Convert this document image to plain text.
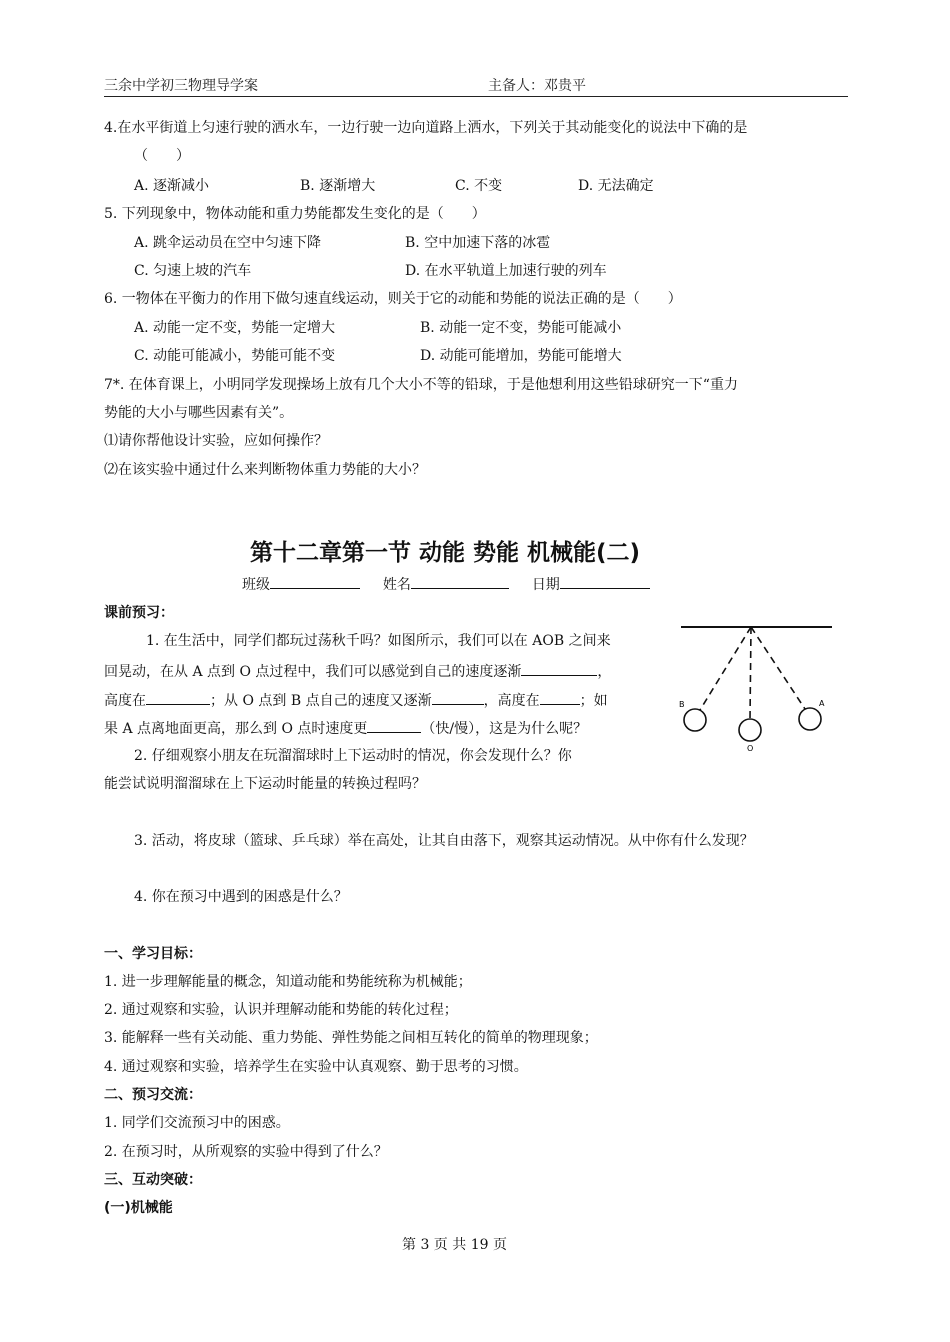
三余中学初三物理导学案	主备人：邓贵平
4.在水平街道上匀速行驶的洒水车，一边行驶一边向道路上洒水，下列关于其动能变化的说法中下确的是
（　　）
A. 逐渐减小	B. 逐渐增大	C. 不变	D. 无法确定
5. 下列现象中，物体动能和重力势能都发生变化的是（　　）
A. 跳伞运动员在空中匀速下降	B. 空中加速下落的冰雹
C. 匀速上坡的汽车	D. 在水平轨道上加速行驶的列车
6. 一物体在平衡力的作用下做匀速直线运动，则关于它的动能和势能的说法正确的是（　　）
A. 动能一定不变，势能一定增大	B. 动能一定不变，势能可能减小
C. 动能可能减小，势能可能不变	D. 动能可能增加，势能可能增大
7*. 在体育课上，小明同学发现操场上放有几个大小不等的铅球，于是他想利用这些铅球研究一下“重力
势能的大小与哪些因素有关”。
⑴请你帮他设计实验，应如何操作？
⑵在该实验中通过什么来判断物体重力势能的大小？
第十二章第一节 动能 势能 机械能(二)
班级	姓名	日期
课前预习：
1. 在生活中，同学们都玩过荡秋千吗？如图所示，我们可以在 AOB 之间来
回晃动，在从 A 点到 O 点过程中，我们可以感觉到自己的速度逐渐	，
高度在	；从 O 点到 B 点自己的速度又逐渐	，高度在	；如
果 A 点离地面更高，那么到 O 点时速度更	（快/慢），这是为什么呢？
B
O
A
2. 仔细观察小朋友在玩溜溜球时上下运动时的情况，你会发现什么？你
能尝试说明溜溜球在上下运动时能量的转换过程吗？
3. 活动，将皮球（篮球、乒乓球）举在高处，让其自由落下，观察其运动情况。从中你有什么发现？
4. 你在预习中遇到的困惑是什么？
一、学习目标：
1. 进一步理解能量的概念，知道动能和势能统称为机械能；
2. 通过观察和实验，认识并理解动能和势能的转化过程；
3. 能解释一些有关动能、重力势能、弹性势能之间相互转化的简单的物理现象；
4. 通过观察和实验，培养学生在实验中认真观察、勤于思考的习惯。
二、预习交流：
1. 同学们交流预习中的困惑。
2. 在预习时，从所观察的实验中得到了什么？
三、互动突破：
(一)机械能
第 3 页 共 19 页
